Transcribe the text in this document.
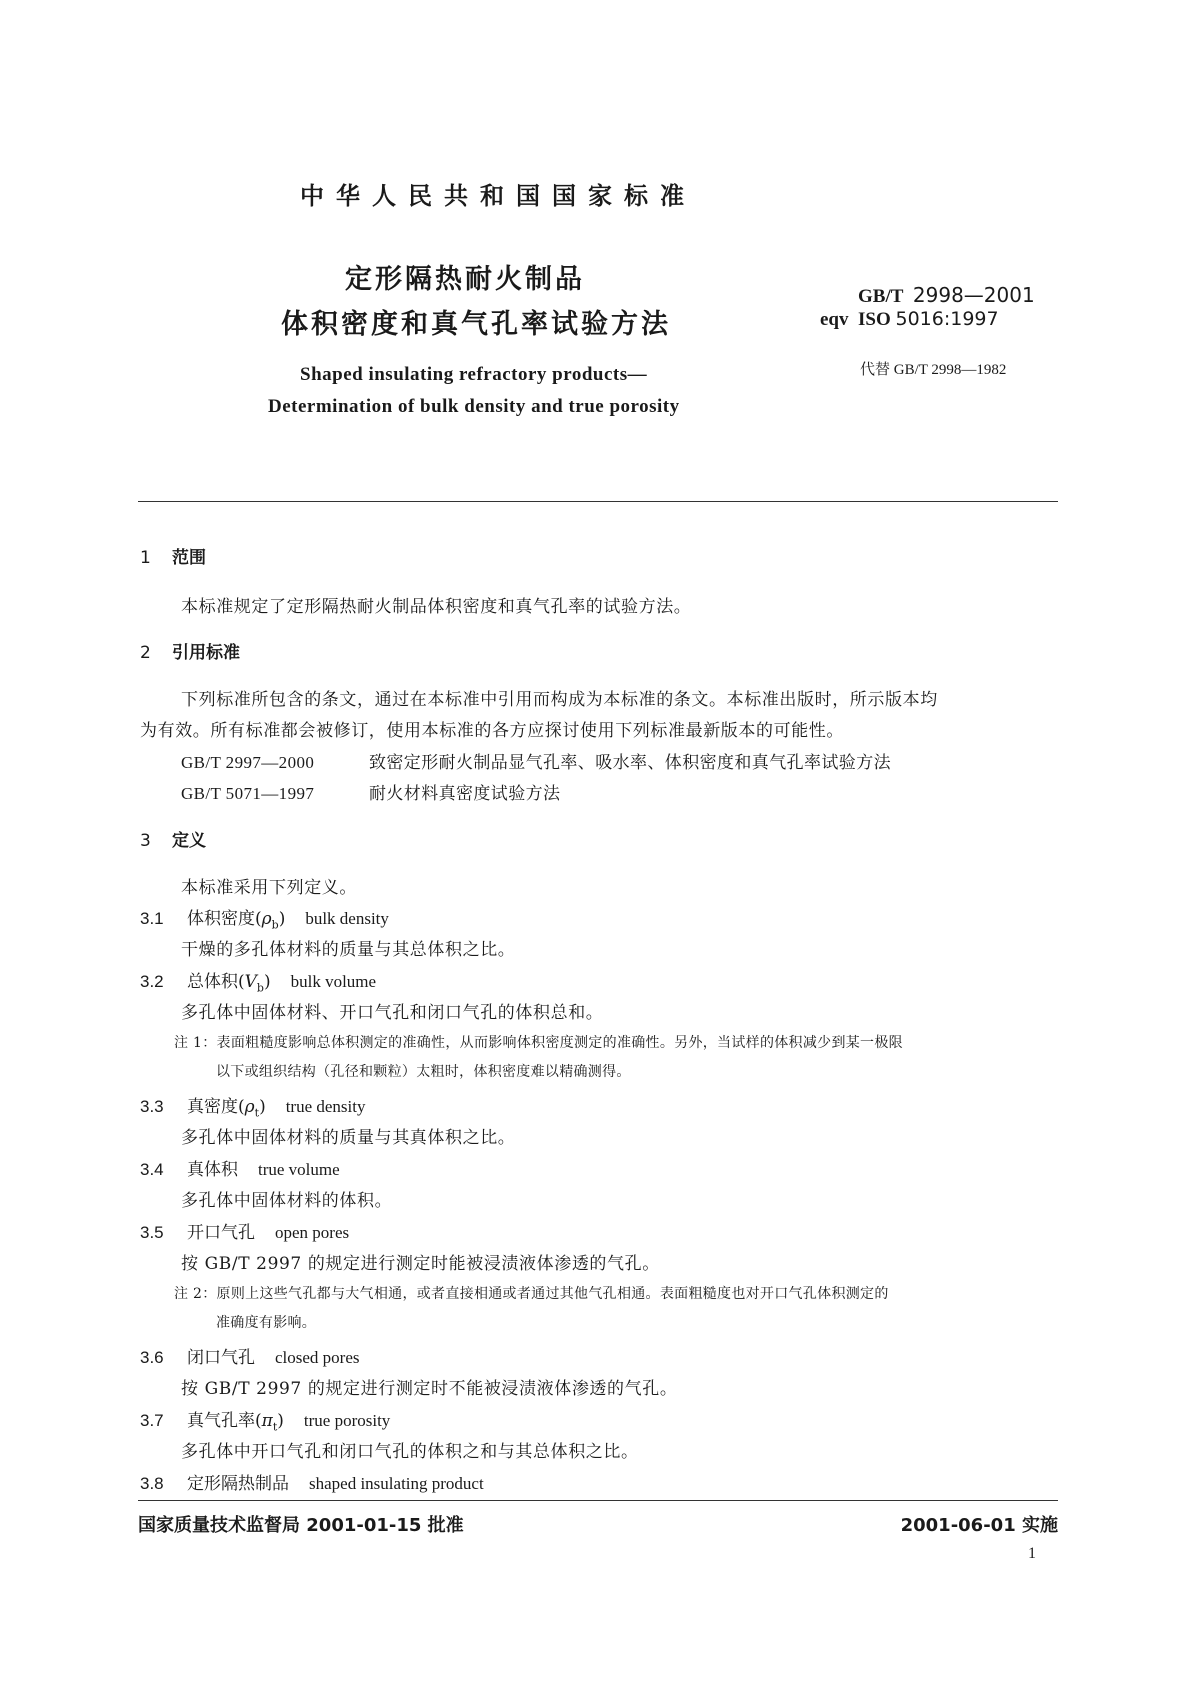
中华人民共和国国家标准
定形隔热耐火制品
体积密度和真气孔率试验方法
Shaped insulating refractory products—
Determination of bulk density and true porosity
GB/T 2998—2001
eqv ISO 5016:1997
代替 GB/T 2998—1982
1 范围
本标准规定了定形隔热耐火制品体积密度和真气孔率的试验方法。
2 引用标准
下列标准所包含的条文，通过在本标准中引用而构成为本标准的条文。本标准出版时，所示版本均
为有效。所有标准都会被修订，使用本标准的各方应探讨使用下列标准最新版本的可能性。
GB/T 2997—2000	致密定形耐火制品显气孔率、吸水率、体积密度和真气孔率试验方法
GB/T 5071—1997	耐火材料真密度试验方法
3 定义
本标准采用下列定义。
3.1 体积密度$(\rho_b)$ bulk density
干燥的多孔体材料的质量与其总体积之比。
3.2 总体积$(V_b)$ bulk volume
多孔体中固体材料、开口气孔和闭口气孔的体积总和。
注 1：表面粗糙度影响总体积测定的准确性，从而影响体积密度测定的准确性。另外，当试样的体积减少到某一极限
以下或组织结构（孔径和颗粒）太粗时，体积密度难以精确测得。
3.3 真密度$(\rho_t)$ true density
多孔体中固体材料的质量与其真体积之比。
3.4 真体积 true volume
多孔体中固体材料的体积。
3.5 开口气孔 open pores
按 GB/T 2997 的规定进行测定时能被浸渍液体渗透的气孔。
注 2：原则上这些气孔都与大气相通，或者直接相通或者通过其他气孔相通。表面粗糙度也对开口气孔体积测定的
准确度有影响。
3.6 闭口气孔 closed pores
按 GB/T 2997 的规定进行测定时不能被浸渍液体渗透的气孔。
3.7 真气孔率$(\pi_t)$ true porosity
多孔体中开口气孔和闭口气孔的体积之和与其总体积之比。
3.8 定形隔热制品 shaped insulating product
国家质量技术监督局 2001-01-15 批准	2001-06-01 实施
1
